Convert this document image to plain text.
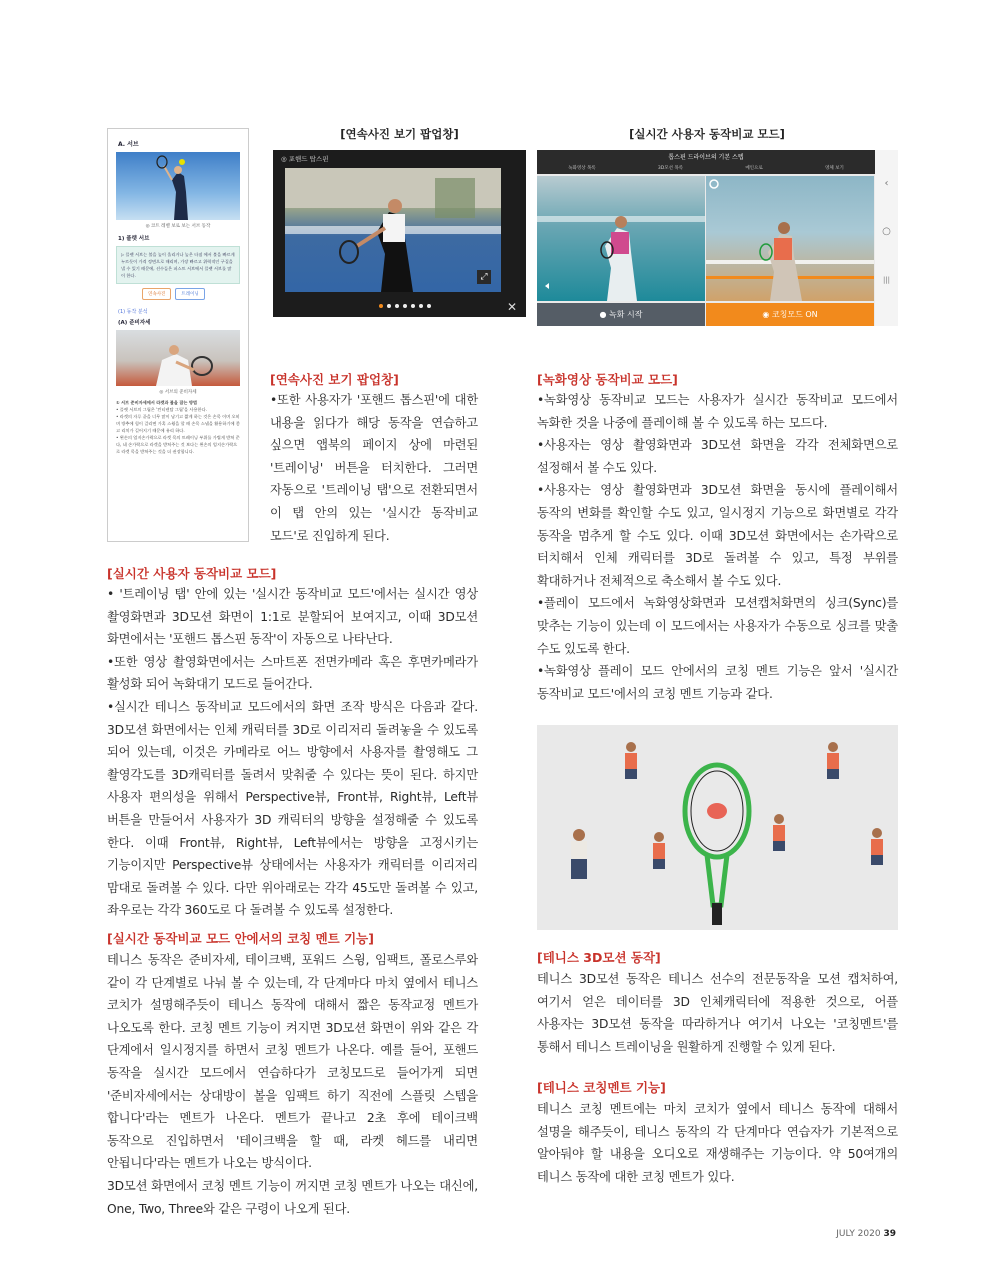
[연속사진 보기 팝업창]	[실시간 사용자 동작비교 모드]
A. 서브
◎ 코트 레벨 보로 보는 서브 동작
1) 플랫 서브
▷ 플랫 서브는 볼을 높이 올리거나 높은 타점 에서 볼을 빠르게 누르듯이 가격 정면으로 때리며, 가장 빠르고 위력적인 구질을 낼 수 있기 때문에, 선수들은 퍼스트 서브에서 플랫 서브를 많이 한다.
연속사진	트레이닝
(1) 동작 분석
(A) 준비자세
◎ 서브의 준비자세
① 서브 준비자세에서 라켓과 볼을 잡는 방법
• 플랫 서브의 그립은 '컨티넨탈 그립'을 사용한다.
• 라켓의 자루 끝을 너무 많이 남기고 짧게 하는 것은 손목 이며 오히며 방추에 힘이 걸리면 가혹 스윙을 할 때 손목 스냅을 활용하기에 좋고 리치가 길어지기 때문에 유리 하다.
• 왼손의 엄지손가락으로 라켓 목의 트레이닝 부위를 가볍게 받쳐 준다, 네 손가락으로 라켓을 받쳐주는 것 보다는 왼손의 엄지손가락으로 라켓 목을 받쳐주는 것을 더 권장합니다.
◎ 포핸드 탑스핀
⤢
✕
톱스핀 드라이브의 기본 스텝
녹화영상 목록	3D모션 목록	메인으로	영체 보기
● 녹화 시작	◉ 코칭모드 ON
‹
○
|||
[연속사진 보기 팝업창]

•또한 사용자가 '포핸드 톱스핀'에 대한 내용을 읽다가 해당 동작을 연습하고 싶으면 앱북의 페이지 상에 마련된 '트레이닝' 버튼을 터치한다. 그러면 자동으로 '트레이닝 탭'으로 전환되면서 이 탭 안의 있는 '실시간 동작비교 모드'로 진입하게 된다.

[실시간 사용자 동작비교 모드]

• '트레이닝 탭' 안에 있는 '실시간 동작비교 모드'에서는 실시간 영상 촬영화면과 3D모션 화면이 1:1로 분할되어 보여지고, 이때 3D모션 화면에서는 '포핸드 톱스핀 동작'이 자동으로 나타난다.

•또한 영상 촬영화면에서는 스마트폰 전면카메라 혹은 후면카메라가 활성화 되어 녹화대기 모드로 들어간다.

•실시간 테니스 동작비교 모드에서의 화면 조작 방식은 다음과 같다. 3D모션 화면에서는 인체 캐릭터를 3D로 이리저리 돌려놓을 수 있도록 되어 있는데, 이것은 카메라로 어느 방향에서 사용자를 촬영해도 그 촬영각도를 3D캐릭터를 돌려서 맞춰줄 수 있다는 뜻이 된다. 하지만 사용자 편의성을 위해서 Perspective뷰, Front뷰, Right뷰, Left뷰 버튼을 만들어서 사용자가 3D 캐릭터의 방향을 설정해줄 수 있도록 한다. 이때 Front뷰, Right뷰, Left뷰에서는 방향을 고정시키는 기능이지만 Perspective뷰 상태에서는 사용자가 캐릭터를 이리저리 맘대로 돌려볼 수 있다. 다만 위아래로는 각각 45도만 돌려볼 수 있고, 좌우로는 각각 360도로 다 돌려볼 수 있도록 설정한다.

[실시간 동작비교 모드 안에서의 코칭 멘트 기능]

테니스 동작은 준비자세, 테이크백, 포워드 스윙, 임팩트, 폴로스루와 같이 각 단계별로 나눠 볼 수 있는데, 각 단계마다 마치 옆에서 테니스 코치가 설명해주듯이 테니스 동작에 대해서 짧은 동작교정 멘트가 나오도록 한다. 코칭 멘트 기능이 켜지면 3D모션 화면이 위와 같은 각 단계에서 일시정지를 하면서 코칭 멘트가 나온다. 예를 들어, 포핸드 동작을 실시간 모드에서 연습하다가 코칭모드로 들어가게 되면 '준비자세에서는 상대방이 볼을 임팩트 하기 직전에 스플릿 스텝을 합니다'라는 멘트가 나온다. 멘트가 끝나고 2초 후에 테이크백 동작으로 진입하면서 '테이크백을 할 때, 라켓 헤드를 내리면 안됩니다'라는 멘트가 나오는 방식이다.

3D모션 화면에서 코칭 멘트 기능이 꺼지면 코칭 멘트가 나오는 대신에, One, Two, Three와 같은 구령이 나오게 된다.

[녹화영상 동작비교 모드]

•녹화영상 동작비교 모드는 사용자가 실시간 동작비교 모드에서 녹화한 것을 나중에 플레이해 볼 수 있도록 하는 모드다.

•사용자는 영상 촬영화면과 3D모션 화면을 각각 전체화면으로 설정해서 볼 수도 있다.

•사용자는 영상 촬영화면과 3D모션 화면을 동시에 플레이해서 동작의 변화를 확인할 수도 있고, 일시정지 기능으로 화면별로 각각 동작을 멈추게 할 수도 있다. 이때 3D모션 화면에서는 손가락으로 터치해서 인체 캐릭터를 3D로 돌려볼 수 있고, 특정 부위를 확대하거나 전체적으로 축소해서 볼 수도 있다.

•플레이 모드에서 녹화영상화면과 모션캡처화면의 싱크(Sync)를 맞추는 기능이 있는데 이 모드에서는 사용자가 수동으로 싱크를 맞출 수도 있도록 한다.

•녹화영상 플레이 모드 안에서의 코칭 멘트 기능은 앞서 '실시간 동작비교 모드'에서의 코칭 멘트 기능과 같다.

[테니스 3D모션 동작]

테니스 3D모션 동작은 테니스 선수의 전문동작을 모션 캡처하여, 여기서 얻은 데이터를 3D 인체캐릭터에 적용한 것으로, 어플 사용자는 3D모션 동작을 따라하거나 여기서 나오는 '코칭멘트'를 통해서 테니스 트레이닝을 원활하게 진행할 수 있게 된다.

[테니스 코칭멘트 기능]

테니스 코칭 멘트에는 마치 코치가 옆에서 테니스 동작에 대해서 설명을 해주듯이, 테니스 동작의 각 단계마다 연습자가 기본적으로 알아둬야 할 내용을 오디오로 재생해주는 기능이다. 약 50여개의 테니스 동작에 대한 코칭 멘트가 있다.

JULY 2020 39
